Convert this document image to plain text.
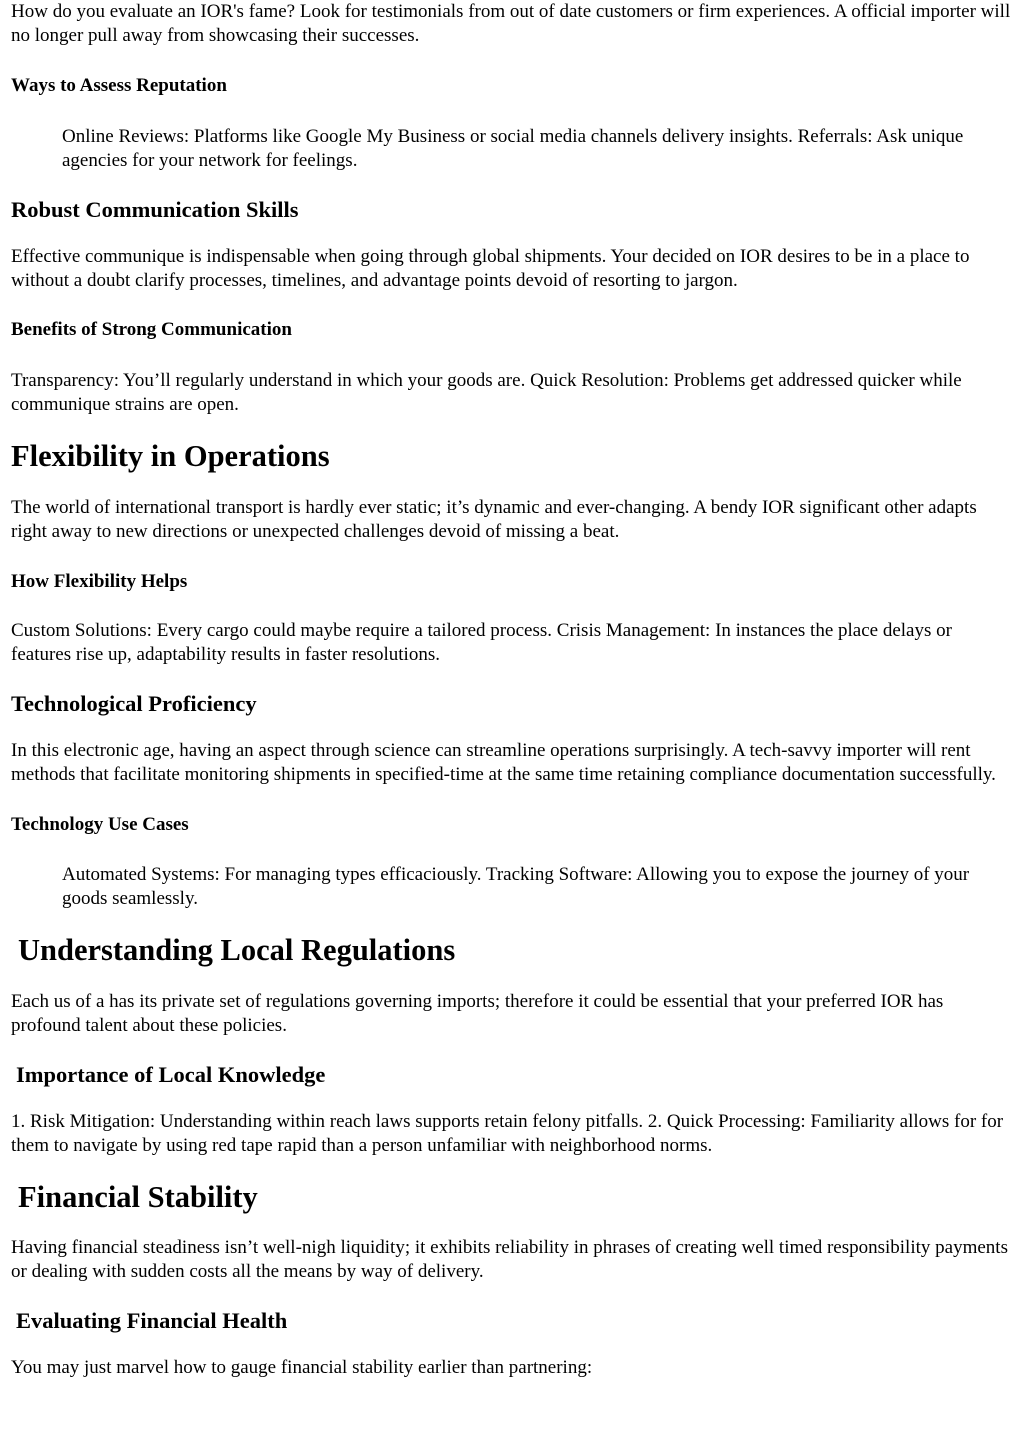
How do you evaluate an IOR's fame? Look for testimonials from out of date customers or firm experiences. A official importer will no longer pull away from showcasing their successes.

Ways to Assess Reputation
Online Reviews: Platforms like Google My Business or social media channels delivery insights. Referrals: Ask unique agencies for your network for feelings.
Robust Communication Skills

Effective communique is indispensable when going through global shipments. Your decided on IOR desires to be in a place to without a doubt clarify processes, timelines, and advantage points devoid of resorting to jargon.

Benefits of Strong Communication

Transparency: You’ll regularly understand in which your goods are. Quick Resolution: Problems get addressed quicker while communique strains are open.

Flexibility in Operations

The world of international transport is hardly ever static; it’s dynamic and ever-changing. A bendy IOR significant other adapts right away to new directions or unexpected challenges devoid of missing a beat.

How Flexibility Helps

Custom Solutions: Every cargo could maybe require a tailored process. Crisis Management: In instances the place delays or features rise up, adaptability results in faster resolutions.

Technological Proficiency

In this electronic age, having an aspect through science can streamline operations surprisingly. A tech-savvy importer will rent methods that facilitate monitoring shipments in specified-time at the same time retaining compliance documentation successfully.

Technology Use Cases
Automated Systems: For managing types efficaciously. Tracking Software: Allowing you to expose the journey of your goods seamlessly.
Understanding Local Regulations

Each us of a has its private set of regulations governing imports; therefore it could be essential that your preferred IOR has profound talent about these policies.

Importance of Local Knowledge

1. Risk Mitigation: Understanding within reach laws supports retain felony pitfalls. 2. Quick Processing: Familiarity allows for for them to navigate by using red tape rapid than a person unfamiliar with neighborhood norms.

Financial Stability

Having financial steadiness isn’t well-nigh liquidity; it exhibits reliability in phrases of creating well timed responsibility payments or dealing with sudden costs all the means by way of delivery.

Evaluating Financial Health

You may just marvel how to gauge financial stability earlier than partnering:
